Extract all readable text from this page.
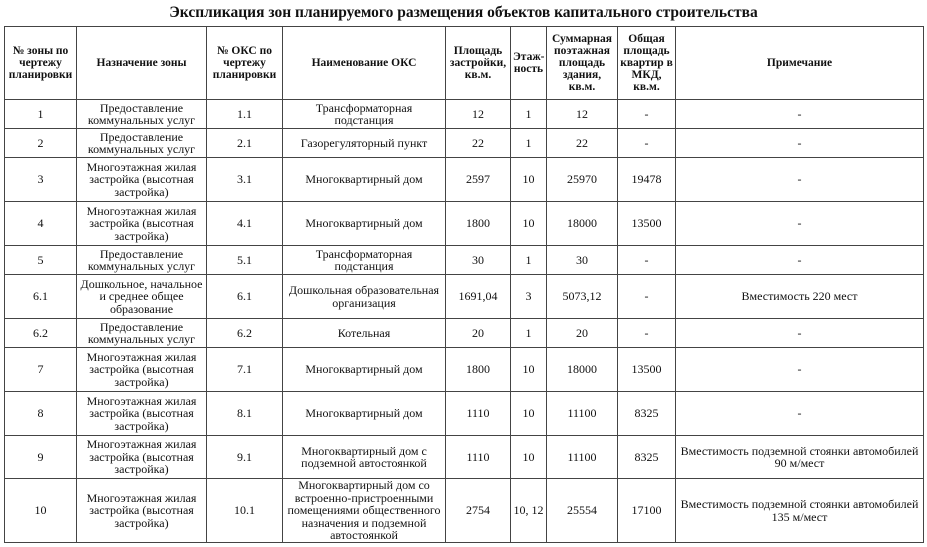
Экспликация зон планируемого размещения объектов капитального строительства
№ зоны по чертежу планировки	Назначение зоны	№ ОКС по чертежу планировки	Наименование ОКС	Площадь застройки, кв.м.	Этаж-ность	Суммарная поэтажная площадь здания, кв.м.	Общая площадь квартир в МКД, кв.м.	Примечание
1	Предоставление коммунальных услуг	1.1	Трансформаторная подстанция	12	1	12	-	-
2	Предоставление коммунальных услуг	2.1	Газорегуляторный пункт	22	1	22	-	-
3	Многоэтажная жилая застройка (высотная застройка)	3.1	Многоквартирный дом	2597	10	25970	19478	-
4	Многоэтажная жилая застройка (высотная застройка)	4.1	Многоквартирный дом	1800	10	18000	13500	-
5	Предоставление коммунальных услуг	5.1	Трансформаторная подстанция	30	1	30	-	-
6.1	Дошкольное, начальное и среднее общее образование	6.1	Дошкольная образовательная организация	1691,04	3	5073,12	-	Вместимость 220 мест
6.2	Предоставление коммунальных услуг	6.2	Котельная	20	1	20	-	-
7	Многоэтажная жилая застройка (высотная застройка)	7.1	Многоквартирный дом	1800	10	18000	13500	-
8	Многоэтажная жилая застройка (высотная застройка)	8.1	Многоквартирный дом	1110	10	11100	8325	-
9	Многоэтажная жилая застройка (высотная застройка)	9.1	Многоквартирный дом с подземной автостоянкой	1110	10	11100	8325	Вместимость подземной стоянки автомобилей 90 м/мест
10	Многоэтажная жилая застройка (высотная застройка)	10.1	Многоквартирный дом со встроенно-пристроенными помещениями общественного назначения и подземной автостоянкой	2754	10, 12	25554	17100	Вместимость подземной стоянки автомобилей 135 м/мест
